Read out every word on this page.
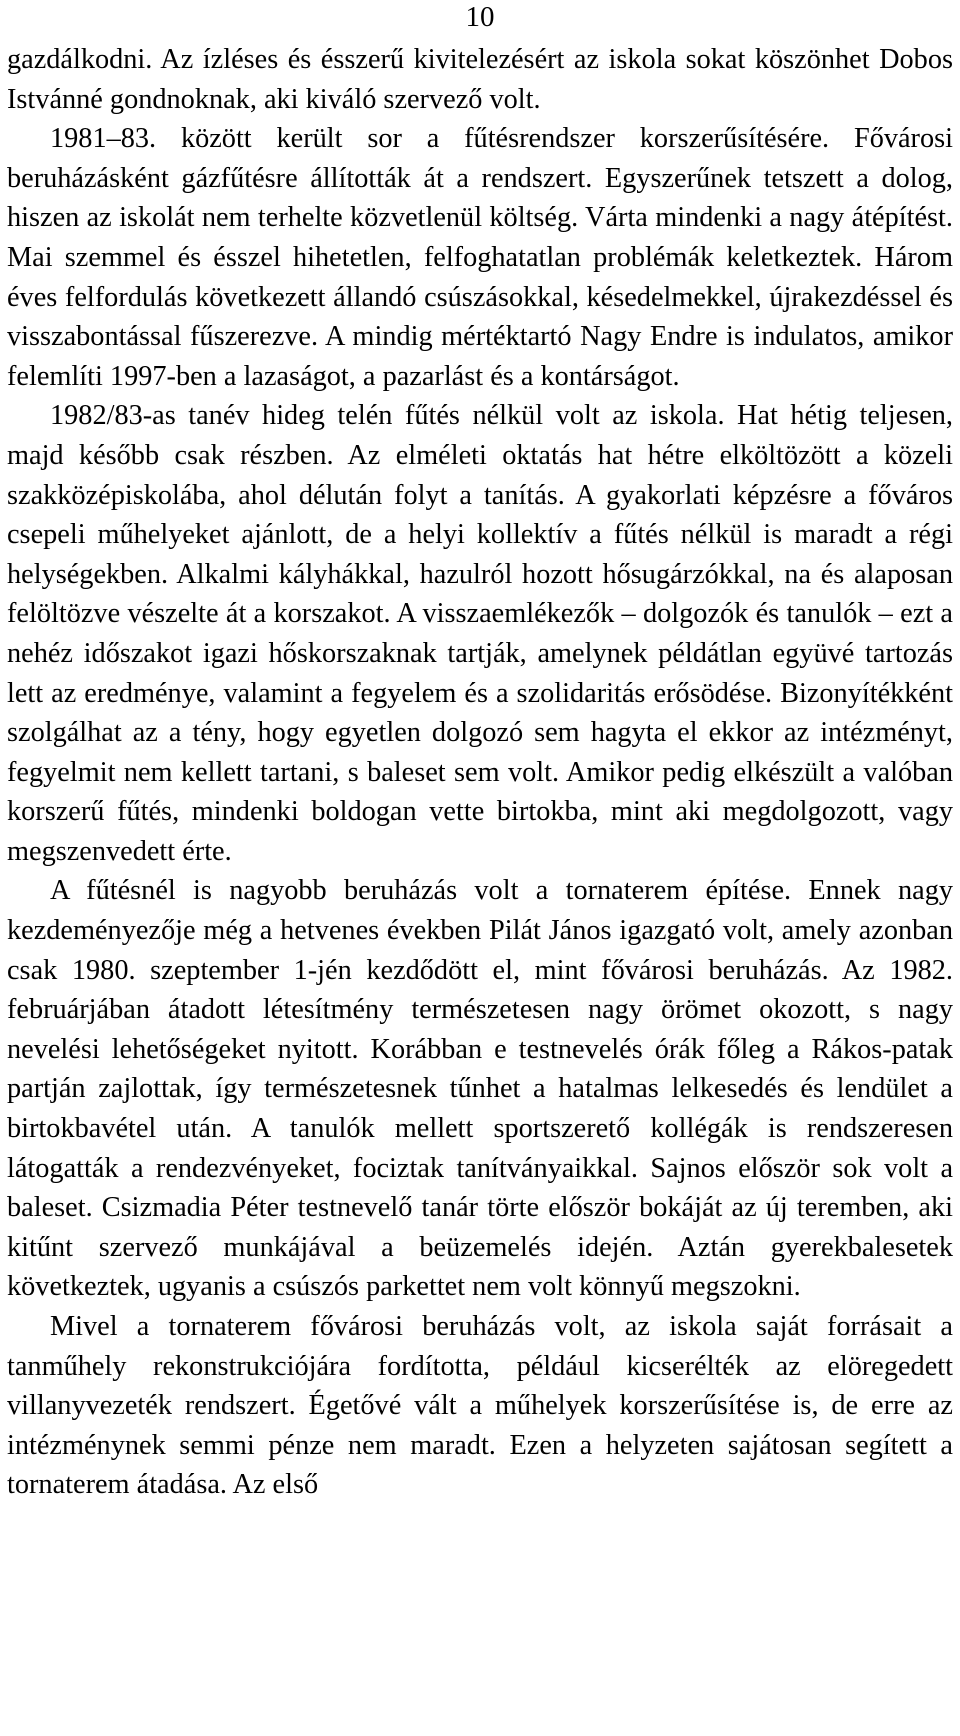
10

gazdálkodni. Az ízléses és ésszerű kivitelezésért az iskola sokat köszönhet Dobos Istvánné gondnoknak, aki kiváló szervező volt.

1981–83. között került sor a fűtésrendszer korszerűsítésére. Fővárosi beruházásként gázfűtésre állították át a rendszert. Egyszerűnek tetszett a dolog, hiszen az iskolát nem terhelte közvetlenül költség. Várta mindenki a nagy átépítést. Mai szemmel és ésszel hihetetlen, felfoghatatlan problémák keletkeztek. Három éves felfordulás következett állandó csúszásokkal, késedelmekkel, újrakezdéssel és visszabontással fűszerezve. A mindig mértéktartó Nagy Endre is indulatos, amikor felemlíti 1997-ben a lazaságot, a pazarlást és a kontárságot.

1982/83-as tanév hideg telén fűtés nélkül volt az iskola. Hat hétig teljesen, majd később csak részben. Az elméleti oktatás hat hétre elköltözött a közeli szakközépiskolába, ahol délután folyt a tanítás. A gyakorlati képzésre a főváros csepeli műhelyeket ajánlott, de a helyi kollektív a fűtés nélkül is maradt a régi helységekben. Alkalmi kályhákkal, hazulról hozott hősugárzókkal, na és alaposan felöltözve vészelte át a korszakot. A visszaemlékezők – dolgozók és tanulók – ezt a nehéz időszakot igazi hőskorszaknak tartják, amelynek példátlan együvé tartozás lett az eredménye, valamint a fegyelem és a szolidaritás erősödése. Bizonyítékként szolgálhat az a tény, hogy egyetlen dolgozó sem hagyta el ekkor az intézményt, fegyelmit nem kellett tartani, s baleset sem volt. Amikor pedig elkészült a valóban korszerű fűtés, mindenki boldogan vette birtokba, mint aki megdolgozott, vagy megszenvedett érte.

A fűtésnél is nagyobb beruházás volt a tornaterem építése. Ennek nagy kezdeményezője még a hetvenes években Pilát János igazgató volt, amely azonban csak 1980. szeptember 1-jén kezdődött el, mint fővárosi beruházás. Az 1982. februárjában átadott létesítmény természetesen nagy örömet okozott, s nagy nevelési lehetőségeket nyitott. Korábban e testnevelés órák főleg a Rákos-patak partján zajlottak, így természetesnek tűnhet a hatalmas lelkesedés és lendület a birtokbavétel után. A tanulók mellett sportszerető kollégák is rendszeresen látogatták a rendezvényeket, fociztak tanítványaikkal. Sajnos először sok volt a baleset. Csizmadia Péter testnevelő tanár törte először bokáját az új teremben, aki kitűnt szervező munkájával a beüzemelés idején. Aztán gyerekbalesetek következtek, ugyanis a csúszós parkettet nem volt könnyű megszokni.

Mivel a tornaterem fővárosi beruházás volt, az iskola saját forrásait a tanműhely rekonstrukciójára fordította, például kicserélték az elöregedett villanyvezeték rendszert. Égetővé vált a műhelyek korszerűsítése is, de erre az intézménynek semmi pénze nem maradt. Ezen a helyzeten sajátosan segített a tornaterem átadása. Az első
